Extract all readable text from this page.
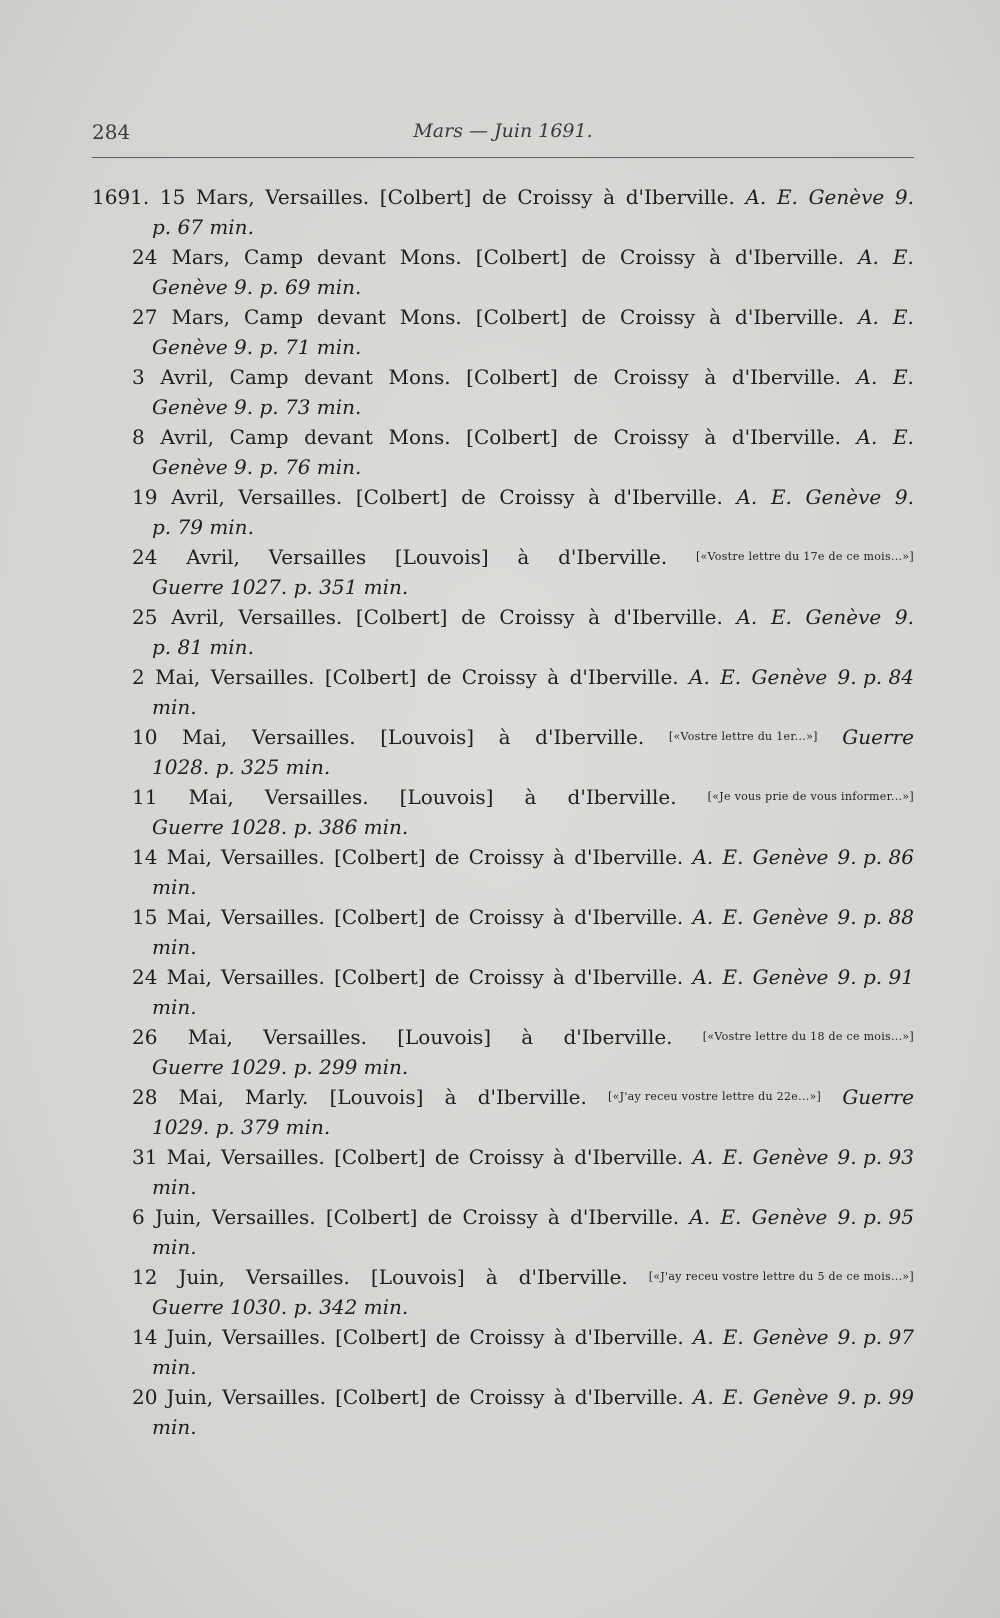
284	Mars — Juin 1691.
1691. 15 Mars, Versailles. [Colbert] de Croissy à d'Iberville. A. E. Genève 9.
p. 67 min.
24 Mars, Camp devant Mons. [Colbert] de Croissy à d'Iberville. A. E.
Genève 9. p. 69 min.
27 Mars, Camp devant Mons. [Colbert] de Croissy à d'Iberville. A. E.
Genève 9. p. 71 min.
3 Avril, Camp devant Mons. [Colbert] de Croissy à d'Iberville. A. E.
Genève 9. p. 73 min.
8 Avril, Camp devant Mons. [Colbert] de Croissy à d'Iberville. A. E.
Genève 9. p. 76 min.
19 Avril, Versailles. [Colbert] de Croissy à d'Iberville. A. E. Genève 9.
p. 79 min.
24 Avril, Versailles [Louvois] à d'Iberville.	[«Vostre lettre du 17e de ce mois...»]
Guerre 1027. p. 351 min.
25 Avril, Versailles. [Colbert] de Croissy à d'Iberville. A. E. Genève 9.
p. 81 min.
2 Mai, Versailles. [Colbert] de Croissy à d'Iberville. A. E. Genève 9. p. 84
min.
10 Mai, Versailles. [Louvois] à d'Iberville. [«Vostre lettre du 1er...»] Guerre
1028. p. 325 min.
11 Mai, Versailles. [Louvois] à d'Iberville.	[«Je vous prie de vous informer...»]
Guerre 1028. p. 386 min.
14 Mai, Versailles. [Colbert] de Croissy à d'Iberville. A. E. Genève 9. p. 86
min.
15 Mai, Versailles. [Colbert] de Croissy à d'Iberville. A. E. Genève 9. p. 88
min.
24 Mai, Versailles. [Colbert] de Croissy à d'Iberville. A. E. Genève 9. p. 91
min.
26 Mai, Versailles. [Louvois] à d'Iberville.	[«Vostre lettre du 18 de ce mois...»]
Guerre 1029. p. 299 min.
28 Mai, Marly. [Louvois] à d'Iberville. [«J'ay receu vostre lettre du 22e...»] Guerre
1029. p. 379 min.
31 Mai, Versailles. [Colbert] de Croissy à d'Iberville. A. E. Genève 9. p. 93
min.
6 Juin, Versailles. [Colbert] de Croissy à d'Iberville. A. E. Genève 9. p. 95
min.
12 Juin, Versailles. [Louvois] à d'Iberville. [«J'ay receu vostre lettre du 5 de ce mois...»]
Guerre 1030. p. 342 min.
14 Juin, Versailles. [Colbert] de Croissy à d'Iberville. A. E. Genève 9. p. 97
min.
20 Juin, Versailles. [Colbert] de Croissy à d'Iberville. A. E. Genève 9. p. 99
min.
